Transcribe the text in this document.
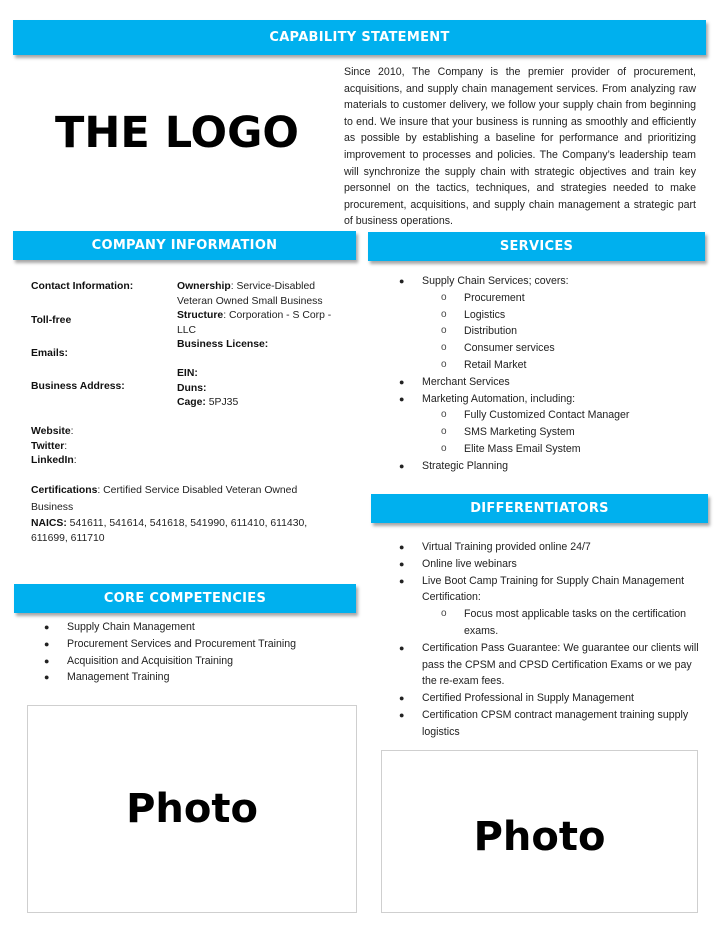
CAPABILITY STATEMENT
THE LOGO

Since 2010, The Company is the premier provider of procurement, acquisitions, and supply chain management services. From analyzing raw materials to customer delivery, we follow your supply chain from beginning to end. We insure that your business is running as smoothly and efficiently as possible by establishing a baseline for performance and prioritizing improvement to processes and policies. The Company’s leadership team will synchronize the supply chain with strategic objectives and train key personnel on the tactics, techniques, and strategies needed to make procurement, acquisitions, and supply chain management a strategic part of business operations.

COMPANY INFORMATION
Contact Information:
Toll-free
Emails:
Business Address:
Ownership: Service-Disabled Veteran Owned Small Business
Structure: Corporation - S Corp - LLC
Business License:
EIN:
Duns:
Cage: 5PJ35
Website:
Twitter:
LinkedIn:
Certifications: Certified Service Disabled Veteran Owned Business
NAICS: 541611, 541614, 541618, 541990, 611410, 611430, 611699, 611710
SERVICES
● Supply Chain Services; covers:
o Procurement
o Logistics
o Distribution
o Consumer services
o Retail Market
● Merchant Services
● Marketing Automation, including:
o Fully Customized Contact Manager
o SMS Marketing System
o Elite Mass Email System
● Strategic Planning
DIFFERENTIATORS
● Virtual Training provided online 24/7
● Online live webinars
● Live Boot Camp Training for Supply Chain Management Certification:
o Focus most applicable tasks on the certification exams.
● Certification Pass Guarantee: We guarantee our clients will pass the CPSM and CPSD Certification Exams or we pay the re-exam fees.
● Certified Professional in Supply Management
● Certification CPSM contract management training supply logistics
CORE COMPETENCIES
● Supply Chain Management
● Procurement Services and Procurement Training
● Acquisition and Acquisition Training
● Management Training
Photo
Photo
